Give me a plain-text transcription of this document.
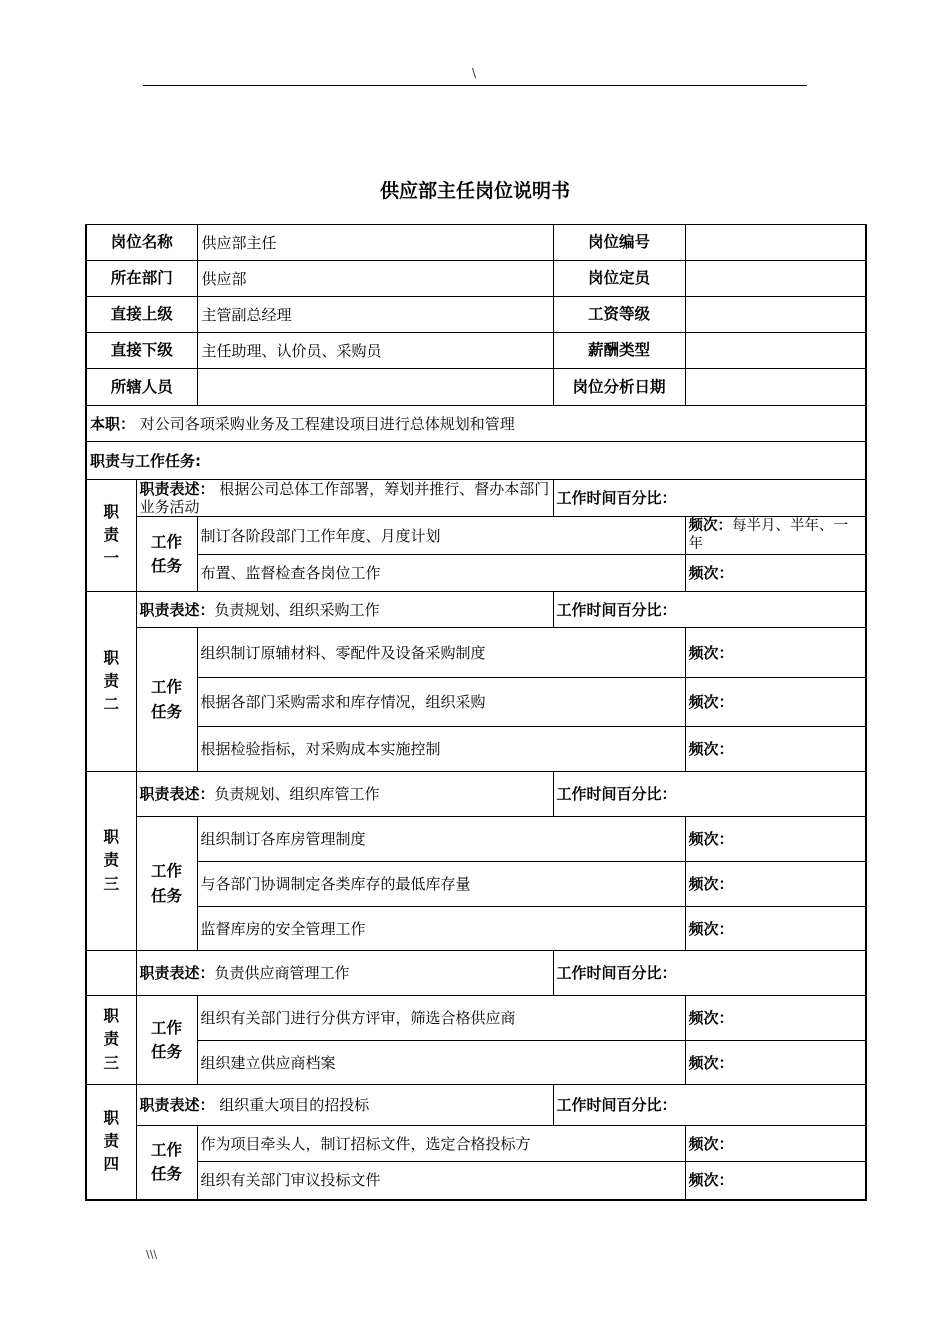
\
供应部主任岗位说明书
岗位名称		供应部主任	岗位编号	
所在部门		供应部	岗位定员	
直接上级		主管副总经理	工资等级	
直接下级		主任助理、认价员、采购员	薪酬类型	
所辖人员			岗位分析日期	
本职： 对公司各项采购业务及工程建设项目进行总体规划和管理				
职责与工作任务:				
职
责
一	职责表述： 根据公司总体工作部署，筹划并推行、督办本部门业务活动		工作时间百分比：	
	工作
任务	制订各阶段部门工作年度、月度计划		频次：每半月、半年、一年
		布置、监督检查各岗位工作		频次：
职
责
二	职责表述：负责规划、组织采购工作		工作时间百分比：	
	工作
任务	组织制订原辅材料、零配件及设备采购制度		频次：
		根据各部门采购需求和库存情况，组织采购		频次：
		根据检验指标，对采购成本实施控制		频次：
职
责
三	职责表述：负责规划、组织库管工作		工作时间百分比：	
	工作
任务	组织制订各库房管理制度		频次：
		与各部门协调制定各类库存的最低库存量		频次：
		监督库房的安全管理工作		频次：
	职责表述：负责供应商管理工作		工作时间百分比：	
职
责
三	工作
任务	组织有关部门进行分供方评审，筛选合格供应商		频次：
		组织建立供应商档案		频次：
职
责
四	职责表述： 组织重大项目的招投标		工作时间百分比：	
	工作
任务	作为项目牵头人，制订招标文件，选定合格投标方		频次：
		组织有关部门审议投标文件		频次：
\\\
